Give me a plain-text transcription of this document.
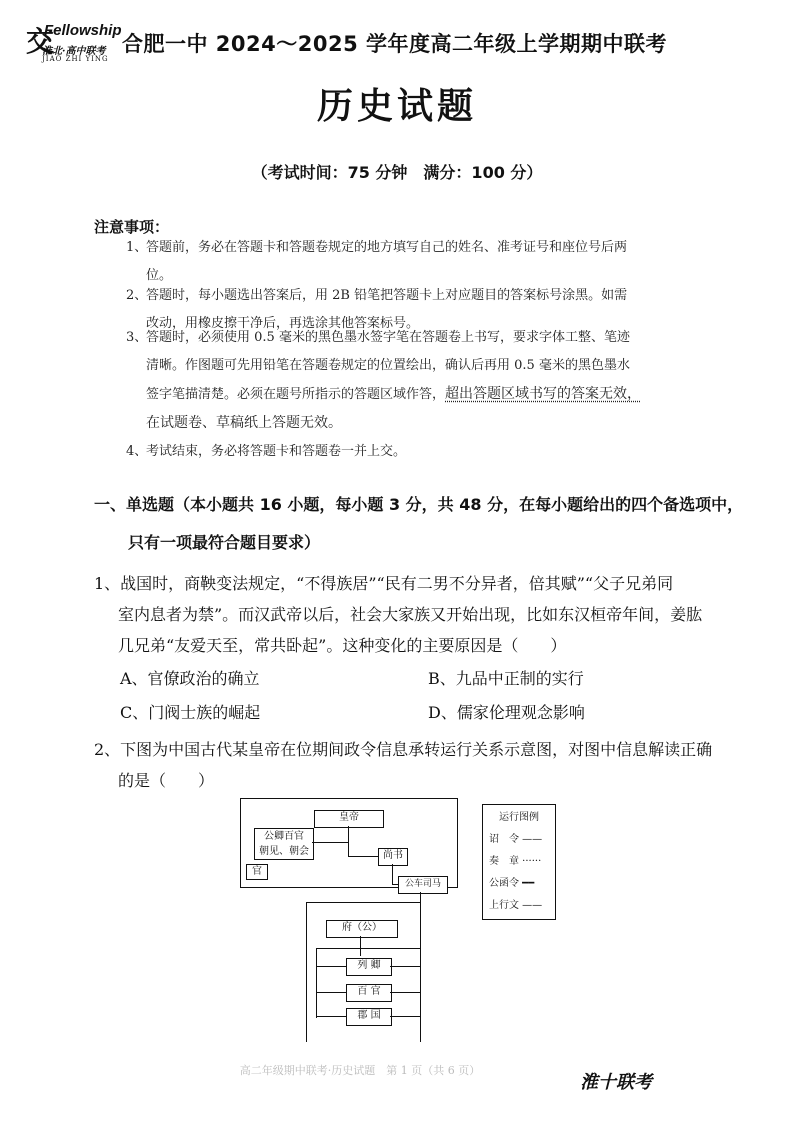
交
Fellowship
淮北·高中联考
JIAO ZHI YING
合肥一中 2024～2025 学年度高二年级上学期期中联考
历史试题
（考试时间：75 分钟　满分：100 分）
注意事项：
1、
答题前，务必在答题卡和答题卷规定的地方填写自己的姓名、准考证号和座位号后两
位。
2、
答题时，每小题选出答案后，用 2B 铅笔把答题卡上对应题目的答案标号涂黑。如需
改动，用橡皮擦干净后，再选涂其他答案标号。
3、
答题时，必须使用 0.5 毫米的黑色墨水签字笔在答题卷上书写，要求字体工整、笔迹
清晰。作图题可先用铅笔在答题卷规定的位置绘出，确认后再用 0.5 毫米的黑色墨水
签字笔描清楚。必须在题号所指示的答题区域作答，超出答题区域书写的答案无效，
在试题卷、草稿纸上答题无效。
4、
考试结束，务必将答题卡和答题卷一并上交。
一、单选题（本小题共 16 小题，每小题 3 分，共 48 分，在每小题给出的四个备选项中，
只有一项最符合题目要求）
1、战国时，商鞅变法规定，“不得族居”“民有二男不分异者，倍其赋”“父子兄弟同
室内息者为禁”。而汉武帝以后，社会大家族又开始出现，比如东汉桓帝年间，姜肱
几兄弟“友爱天至，常共卧起”。这种变化的主要原因是（　　）
A、官僚政治的确立	B、九品中正制的实行
C、门阀士族的崛起	D、儒家伦理观念影响
2、下图为中国古代某皇帝在位期间政令信息承转运行关系示意图，对图中信息解读正确
的是（　　）
皇帝
公卿百官
朝见、朝会
官
尚书
公车司马
府（公）
列 卿
百 官
郡 国
运行图例
诏　令 ——
奏　章 ······
公函令 ━━
上行文 ——
高二年级期中联考·历史试题　第 1 页（共 6 页）
淮十联考
